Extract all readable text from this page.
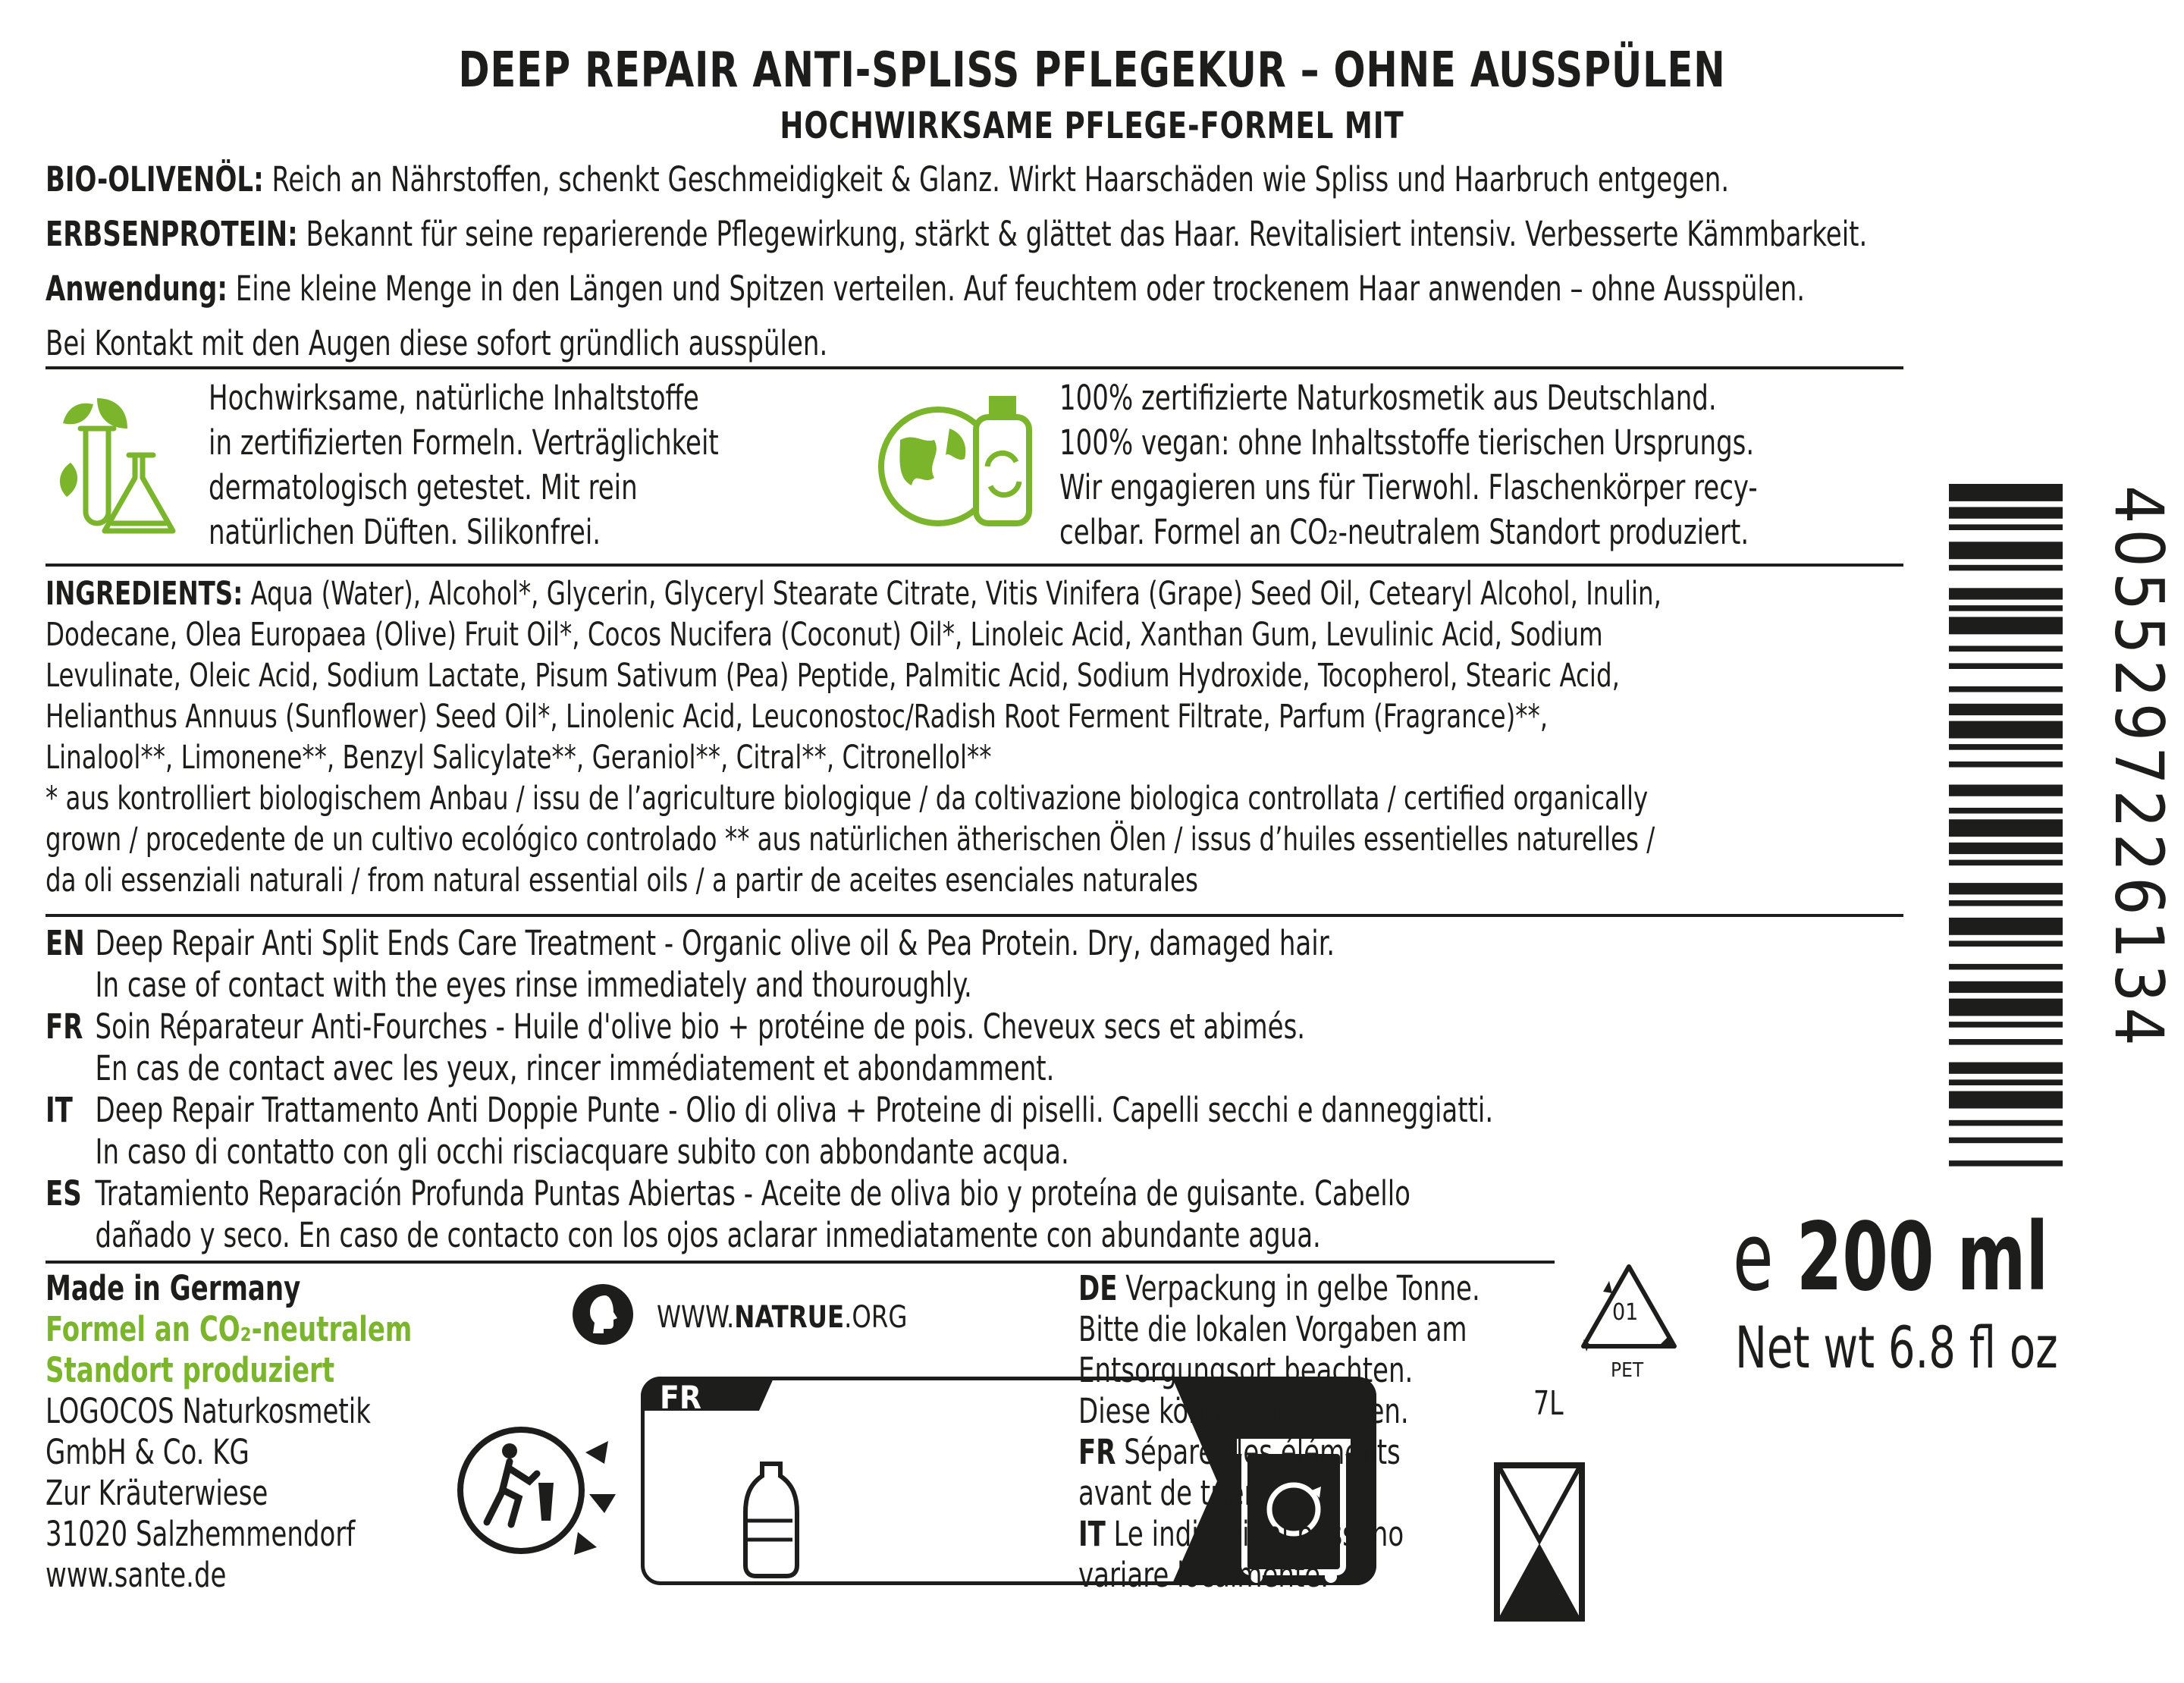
DEEP REPAIR ANTI-SPLISS PFLEGEKUR – OHNE AUSSPÜLEN
HOCHWIRKSAME PFLEGE-FORMEL MIT
BIO-OLIVENÖL: Reich an Nährstoffen, schenkt Geschmeidigkeit & Glanz. Wirkt Haarschäden wie Spliss und Haarbruch entgegen.
ERBSENPROTEIN: Bekannt für seine reparierende Pflegewirkung, stärkt & glättet das Haar. Revitalisiert intensiv. Verbesserte Kämmbarkeit.
Anwendung: Eine kleine Menge in den Längen und Spitzen verteilen. Auf feuchtem oder trockenem Haar anwenden – ohne Ausspülen.
Bei Kontakt mit den Augen diese sofort gründlich ausspülen.
Hochwirksame, natürliche Inhaltstoffe
in zertifizierten Formeln. Verträglichkeit
dermatologisch getestet. Mit rein
natürlichen Düften. Silikonfrei.
100% zertifizierte Naturkosmetik aus Deutschland.
100% vegan: ohne Inhaltsstoffe tierischen Ursprungs.
Wir engagieren uns für Tierwohl. Flaschenkörper recy-
celbar. Formel an CO₂-neutralem Standort produziert.
INGREDIENTS: Aqua (Water), Alcohol*, Glycerin, Glyceryl Stearate Citrate, Vitis Vinifera (Grape) Seed Oil, Cetearyl Alcohol, Inulin,
Dodecane, Olea Europaea (Olive) Fruit Oil*, Cocos Nucifera (Coconut) Oil*, Linoleic Acid, Xanthan Gum, Levulinic Acid, Sodium
Levulinate, Oleic Acid, Sodium Lactate, Pisum Sativum (Pea) Peptide, Palmitic Acid, Sodium Hydroxide, Tocopherol, Stearic Acid,
Helianthus Annuus (Sunflower) Seed Oil*, Linolenic Acid, Leuconostoc/Radish Root Ferment Filtrate, Parfum (Fragrance)**,
Linalool**, Limonene**, Benzyl Salicylate**, Geraniol**, Citral**, Citronellol**
* aus kontrolliert biologischem Anbau / issu de l’agriculture biologique / da coltivazione biologica controllata / certified organically
grown / procedente de un cultivo ecológico controlado ** aus natürlichen ätherischen Ölen / issus d’huiles essentielles naturelles /
da oli essenziali naturali / from natural essential oils / a partir de aceites esenciales naturales
EN Deep Repair Anti Split Ends Care Treatment - Organic olive oil & Pea Protein. Dry, damaged hair.
In case of contact with the eyes rinse immediately and thouroughly.
FR Soin Réparateur Anti-Fourches - Huile d'olive bio + protéine de pois. Cheveux secs et abimés.
En cas de contact avec les yeux, rincer immédiatement et abondamment.
IT Deep Repair Trattamento Anti Doppie Punte - Olio di oliva + Proteine di piselli. Capelli secchi e danneggiatti.
In caso di contatto con gli occhi risciacquare subito con abbondante acqua.
ES Tratamiento Reparación Profunda Puntas Abiertas - Aceite de oliva bio y proteína de guisante. Cabello
dañado y seco. En caso de contacto con los ojos aclarar inmediatamente con abundante agua.
Made in Germany
Formel an CO₂-neutralem
Standort produziert
LOGOCOS Naturkosmetik
GmbH & Co. KG
Zur Kräuterwiese
31020 Salzhemmendorf
www.sante.de
WWW.NATRUE.ORG
FR
DE Verpackung in gelbe Tonne.
Bitte die lokalen Vorgaben am
Entsorgungsort beachten.
Diese können abweichen.
FR Séparez les éléments
avant de trier.
IT Le indicazioni possono
variare localmente.
01
PET
7L
4055297226134
e 200 ml
Net wt 6.8 fl oz
